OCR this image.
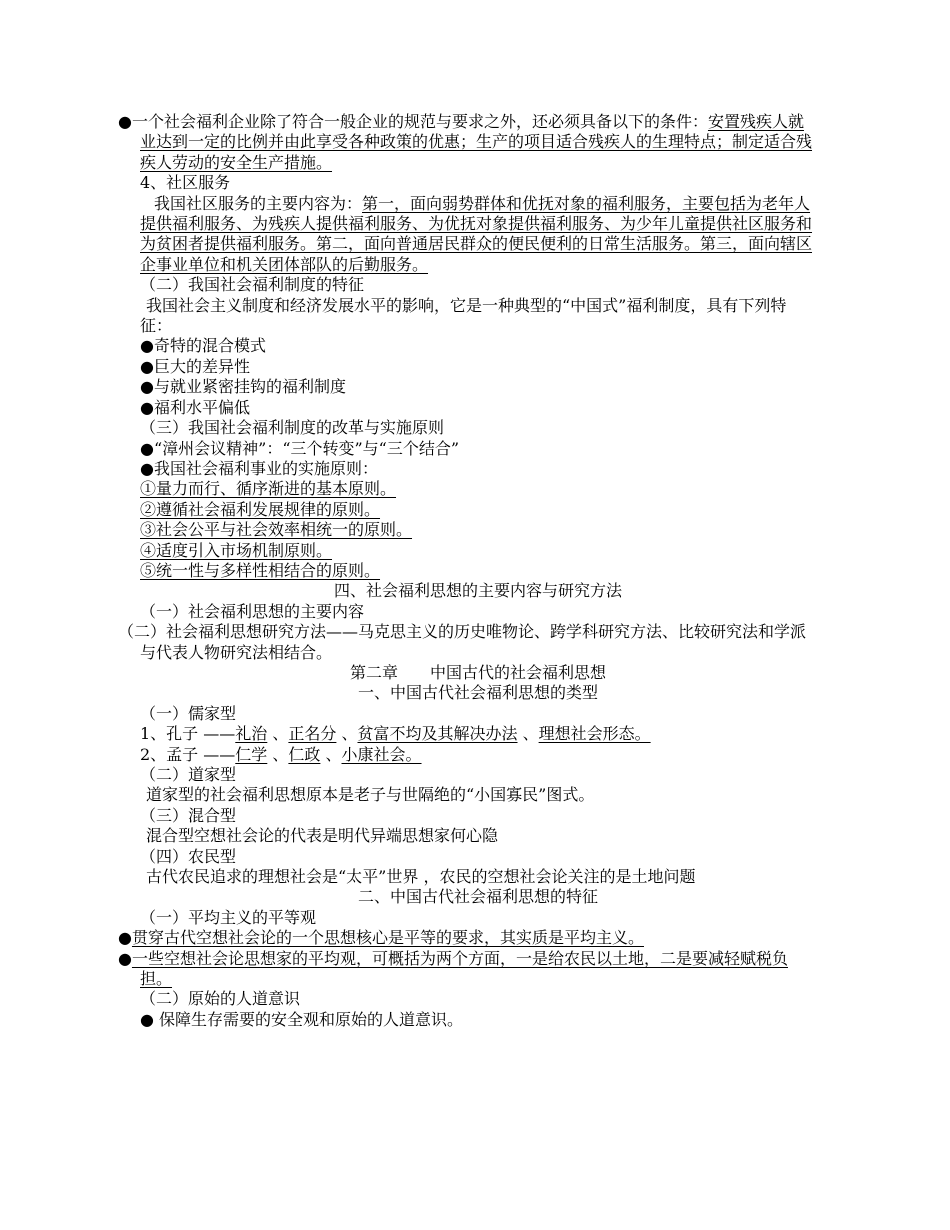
●一个社会福利企业除了符合一般企业的规范与要求之外，还必须具备以下的条件：安置残疾人就业达到一定的比例并由此享受各种政策的优惠；生产的项目适合残疾人的生理特点；制定适合残疾人劳动的安全生产措施。

4、社区服务

我国社区服务的主要内容为：第一，面向弱势群体和优抚对象的福利服务，主要包括为老年人提供福利服务、为残疾人提供福利服务、为优抚对象提供福利服务、为少年儿童提供社区服务和为贫困者提供福利服务。第二，面向普通居民群众的便民便利的日常生活服务。第三，面向辖区企事业单位和机关团体部队的后勤服务。

（二）我国社会福利制度的特征

我国社会主义制度和经济发展水平的影响，它是一种典型的“中国式”福利制度，具有下列特征：

●奇特的混合模式

●巨大的差异性

●与就业紧密挂钩的福利制度

●福利水平偏低

（三）我国社会福利制度的改革与实施原则

●“漳州会议精神”：“三个转变”与“三个结合”

●我国社会福利事业的实施原则：

①量力而行、循序渐进的基本原则。

②遵循社会福利发展规律的原则。

③社会公平与社会效率相统一的原则。

④适度引入市场机制原则。

⑤统一性与多样性相结合的原则。

四、社会福利思想的主要内容与研究方法

（一）社会福利思想的主要内容

（二）社会福利思想研究方法——马克思主义的历史唯物论、跨学科研究方法、比较研究法和学派与代表人物研究法相结合。

第二章　　中国古代的社会福利思想

一、中国古代社会福利思想的类型

（一）儒家型

1、孔子 ——礼治 、正名分 、贫富不均及其解决办法 、理想社会形态。

2、孟子 ——仁学 、仁政 、小康社会。

（二）道家型

道家型的社会福利思想原本是老子与世隔绝的“小国寡民”图式。

（三）混合型

混合型空想社会论的代表是明代异端思想家何心隐

（四）农民型

古代农民追求的理想社会是“太平”世界 ，农民的空想社会论关注的是土地问题

二、中国古代社会福利思想的特征

（一）平均主义的平等观

●贯穿古代空想社会论的一个思想核心是平等的要求，其实质是平均主义。

●一些空想社会论思想家的平均观，可概括为两个方面，一是给农民以土地，二是要减轻赋税负担。

（二）原始的人道意识

● 保障生存需要的安全观和原始的人道意识。
